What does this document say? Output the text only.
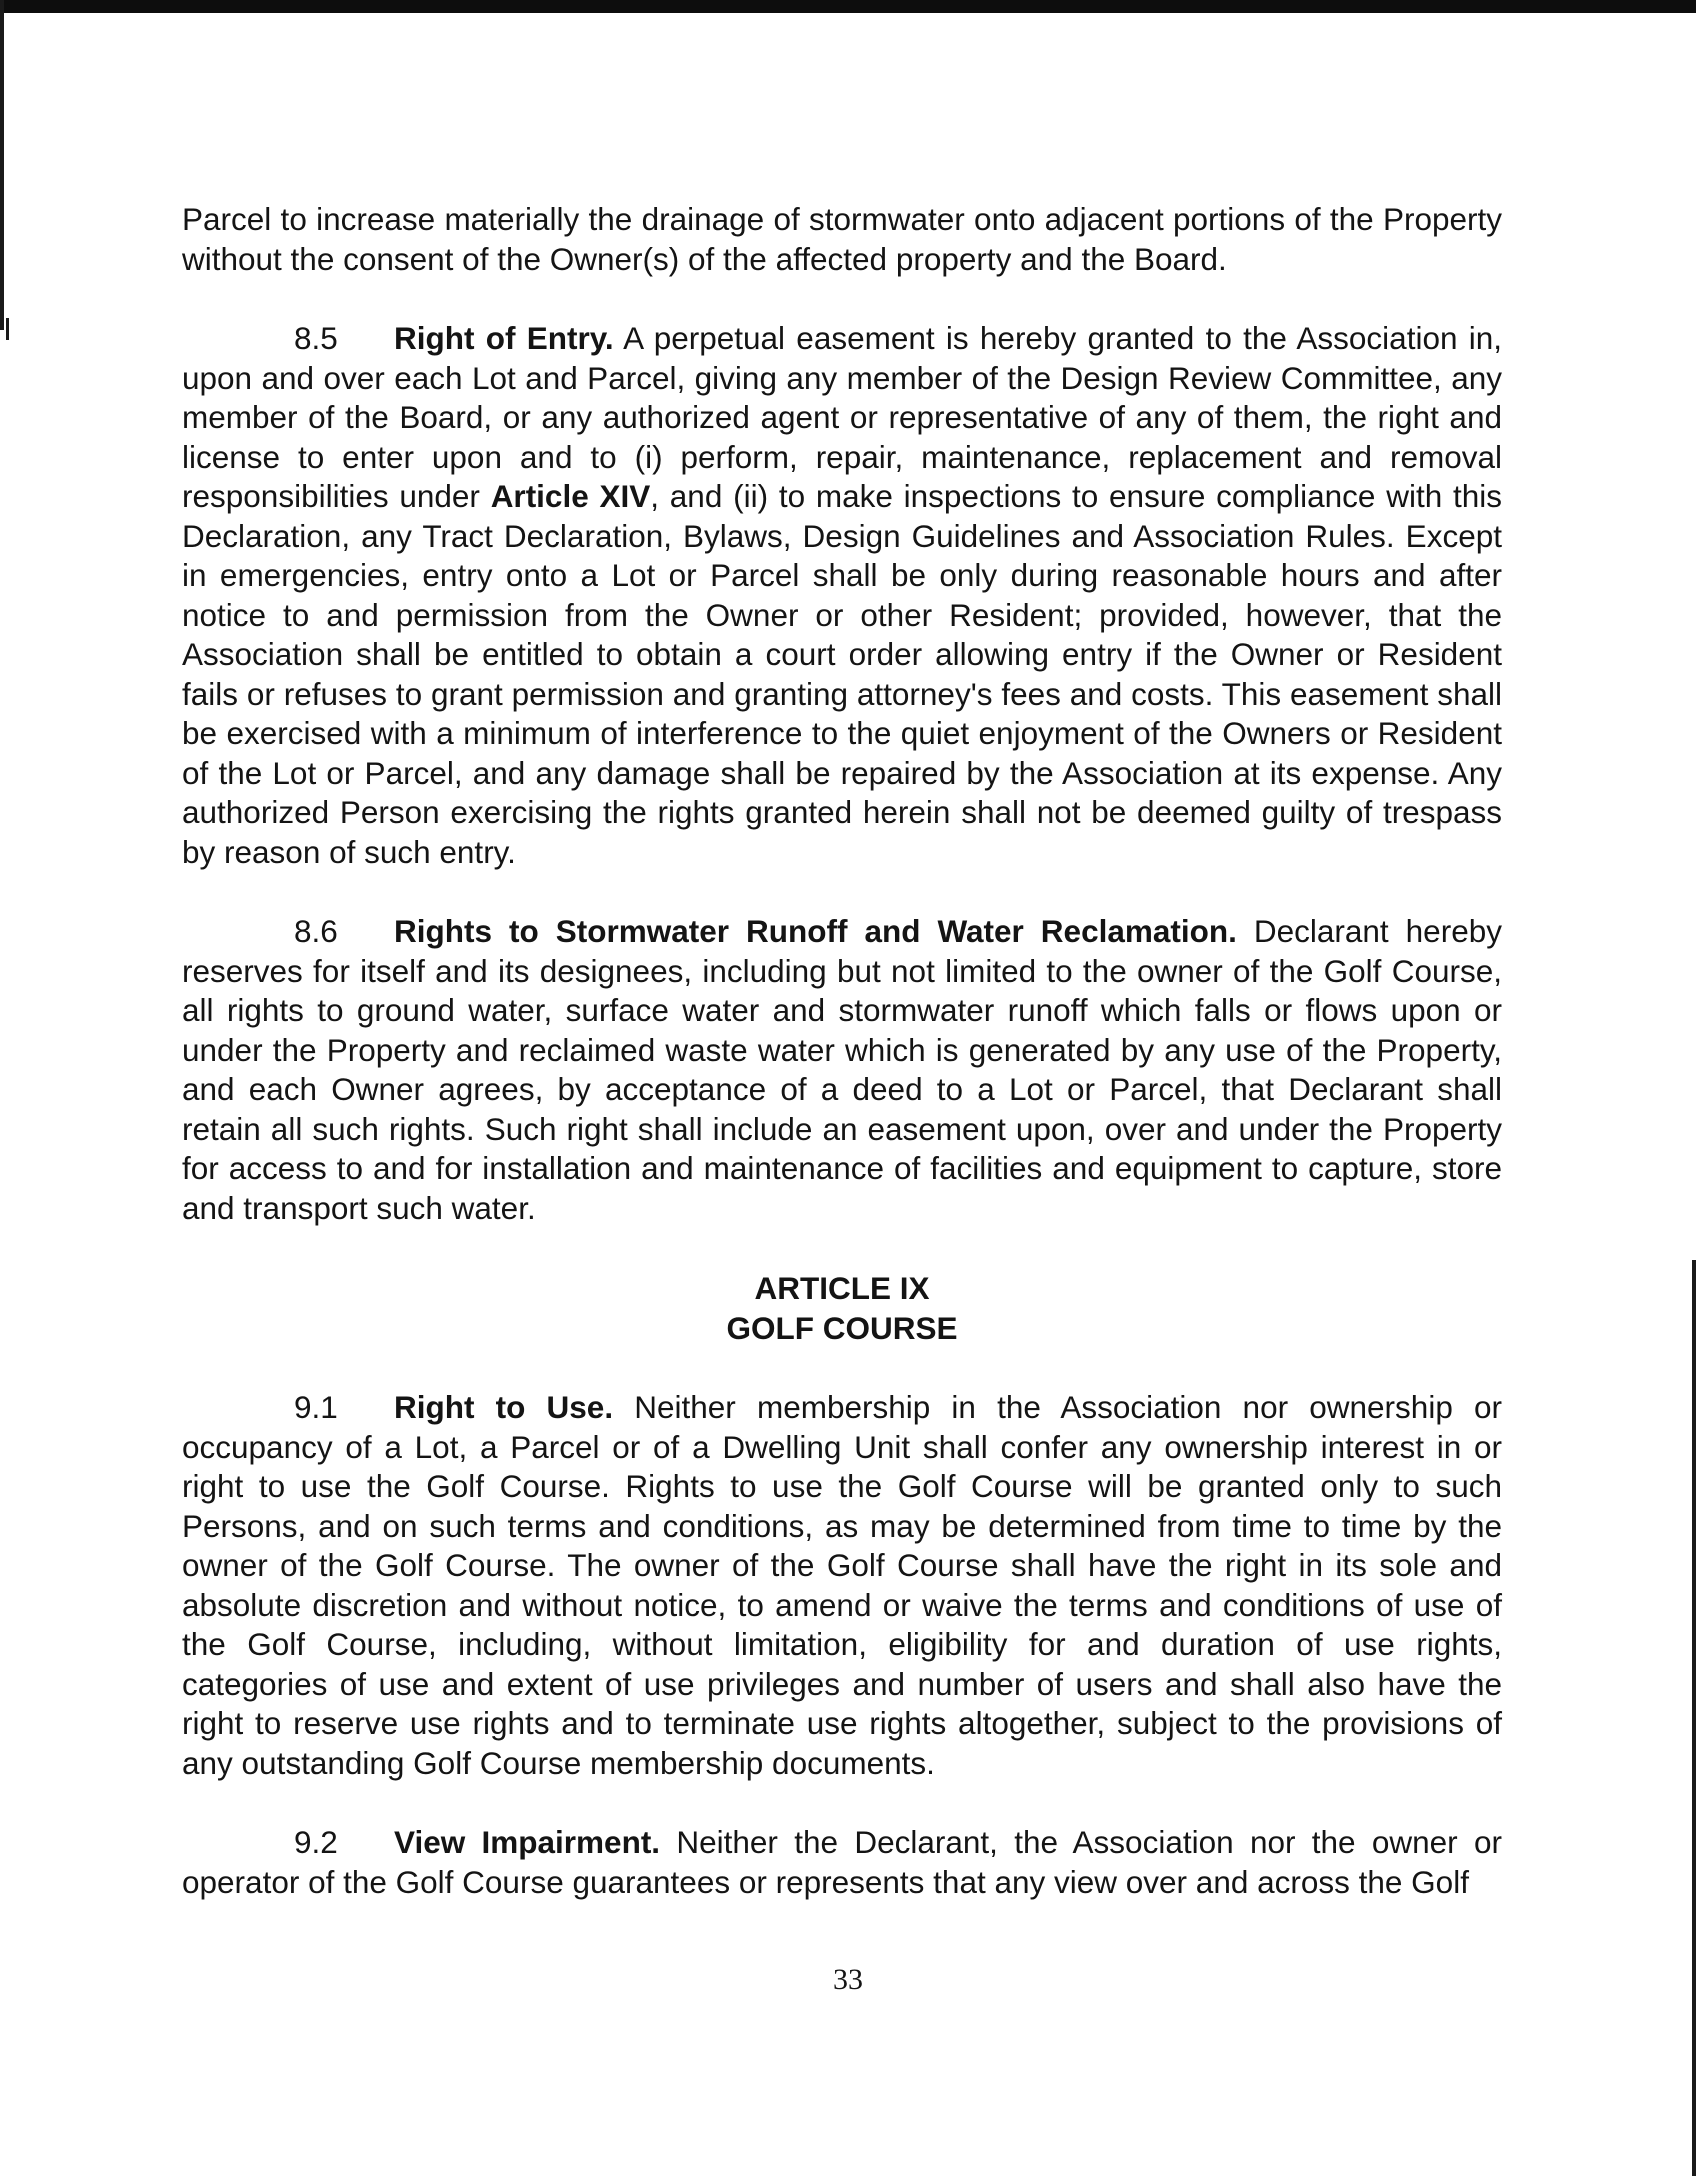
Parcel to increase materially the drainage of stormwater onto adjacent portions of the Property without the consent of the Owner(s) of the affected property and the Board.

8.5 Right of Entry. A perpetual easement is hereby granted to the Association in, upon and over each Lot and Parcel, giving any member of the Design Review Committee, any member of the Board, or any authorized agent or representative of any of them, the right and license to enter upon and to (i) perform, repair, maintenance, replacement and removal responsibilities under Article XIV, and (ii) to make inspections to ensure compliance with this Declaration, any Tract Declaration, Bylaws, Design Guidelines and Association Rules. Except in emergencies, entry onto a Lot or Parcel shall be only during reasonable hours and after notice to and permission from the Owner or other Resident; provided, however, that the Association shall be entitled to obtain a court order allowing entry if the Owner or Resident fails or refuses to grant permission and granting attorney's fees and costs. This easement shall be exercised with a minimum of interference to the quiet enjoyment of the Owners or Resident of the Lot or Parcel, and any damage shall be repaired by the Association at its expense. Any authorized Person exercising the rights granted herein shall not be deemed guilty of trespass by reason of such entry.

8.6 Rights to Stormwater Runoff and Water Reclamation. Declarant hereby reserves for itself and its designees, including but not limited to the owner of the Golf Course, all rights to ground water, surface water and stormwater runoff which falls or flows upon or under the Property and reclaimed waste water which is generated by any use of the Property, and each Owner agrees, by acceptance of a deed to a Lot or Parcel, that Declarant shall retain all such rights. Such right shall include an easement upon, over and under the Property for access to and for installation and maintenance of facilities and equipment to capture, store and transport such water.

ARTICLE IX
GOLF COURSE

9.1 Right to Use. Neither membership in the Association nor ownership or occupancy of a Lot, a Parcel or of a Dwelling Unit shall confer any ownership interest in or right to use the Golf Course. Rights to use the Golf Course will be granted only to such Persons, and on such terms and conditions, as may be determined from time to time by the owner of the Golf Course. The owner of the Golf Course shall have the right in its sole and absolute discretion and without notice, to amend or waive the terms and conditions of use of the Golf Course, including, without limitation, eligibility for and duration of use rights, categories of use and extent of use privileges and number of users and shall also have the right to reserve use rights and to terminate use rights altogether, subject to the provisions of any outstanding Golf Course membership documents.

9.2 View Impairment. Neither the Declarant, the Association nor the owner or operator of the Golf Course guarantees or represents that any view over and across the Golf

33
